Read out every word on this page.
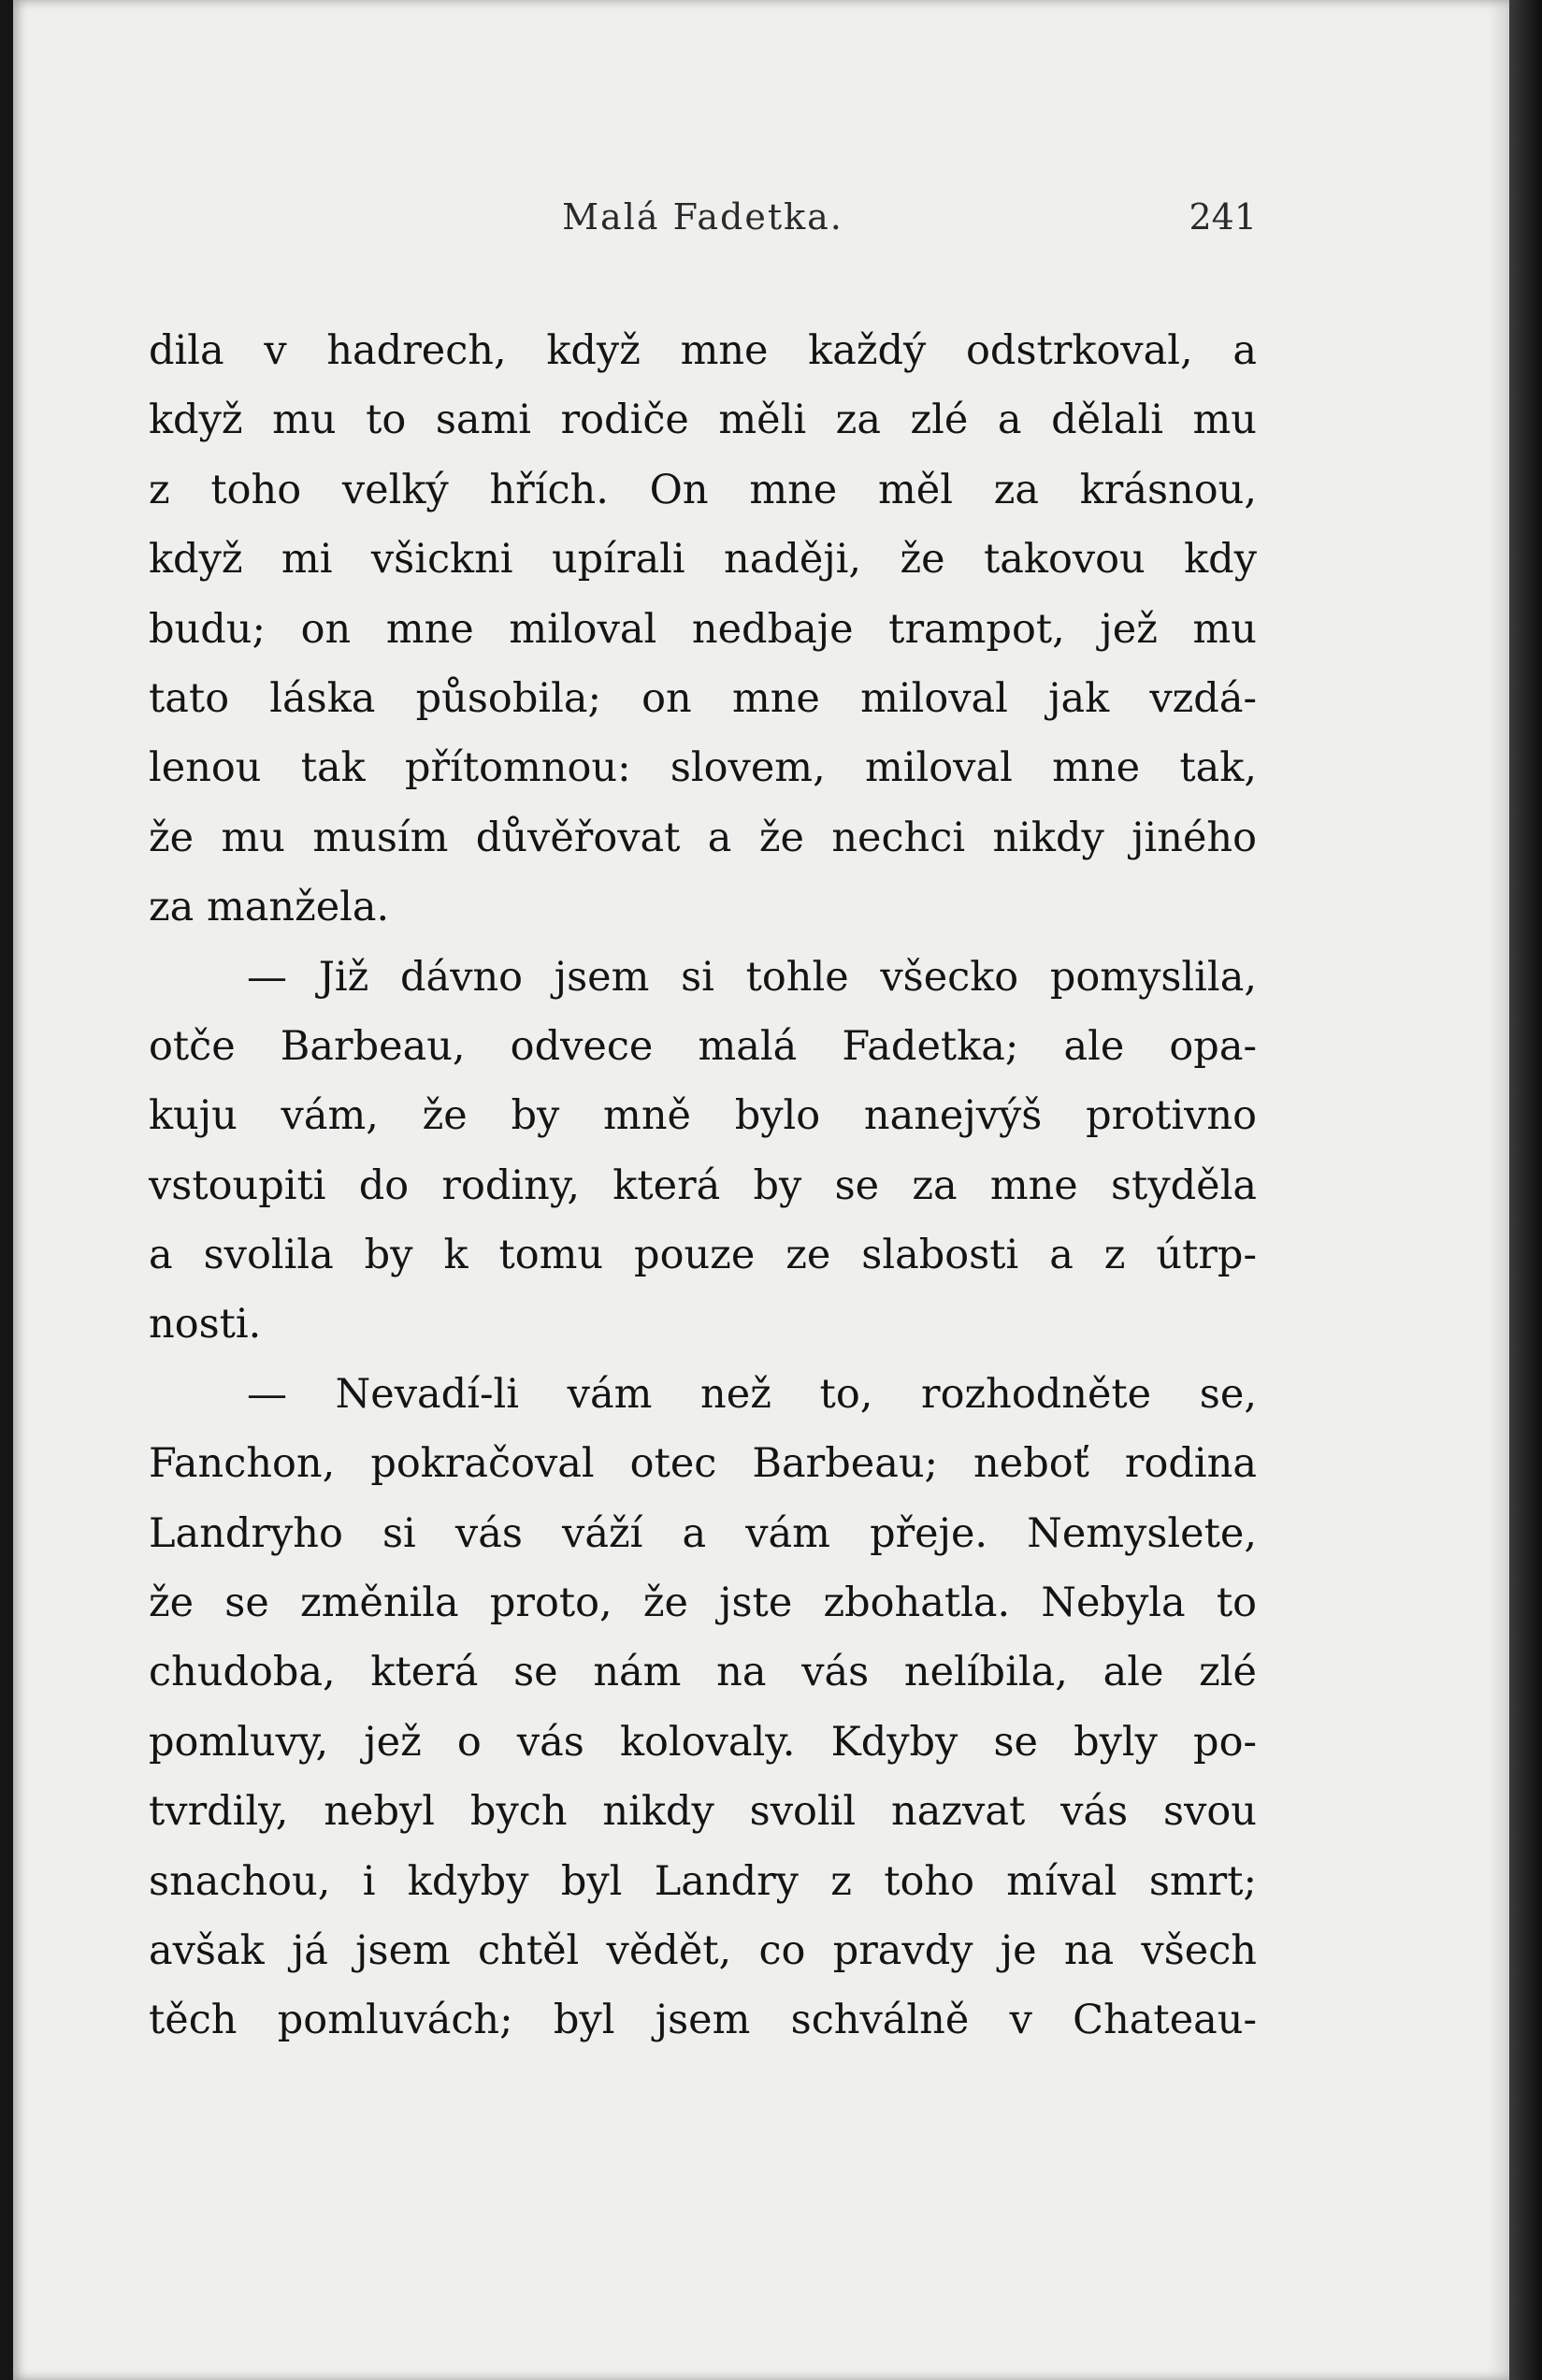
Malá Fadetka.	241
dila v hadrech, když mne každý odstrkoval, a
když mu to sami rodiče měli za zlé a dělali mu
z toho velký hřích. On mne měl za krásnou,
když mi všickni upírali naději, že takovou kdy
budu; on mne miloval nedbaje trampot, jež mu
tato láska působila; on mne miloval jak vzdá-
lenou tak přítomnou: slovem, miloval mne tak,
že mu musím důvěřovat a že nechci nikdy jiného
za manžela.
— Již dávno jsem si tohle všecko pomyslila,
otče Barbeau, odvece malá Fadetka; ale opa-
kuju vám, že by mně bylo nanejvýš protivno
vstoupiti do rodiny, která by se za mne styděla
a svolila by k tomu pouze ze slabosti a z útrp-
nosti.
— Nevadí-li vám než to, rozhodněte se,
Fanchon, pokračoval otec Barbeau; neboť rodina
Landryho si vás váží a vám přeje. Nemyslete,
že se změnila proto, že jste zbohatla. Nebyla to
chudoba, která se nám na vás nelíbila, ale zlé
pomluvy, jež o vás kolovaly. Kdyby se byly po-
tvrdily, nebyl bych nikdy svolil nazvat vás svou
snachou, i kdyby byl Landry z toho míval smrt;
avšak já jsem chtěl vědět, co pravdy je na všech
těch pomluvách; byl jsem schválně v Chateau-
